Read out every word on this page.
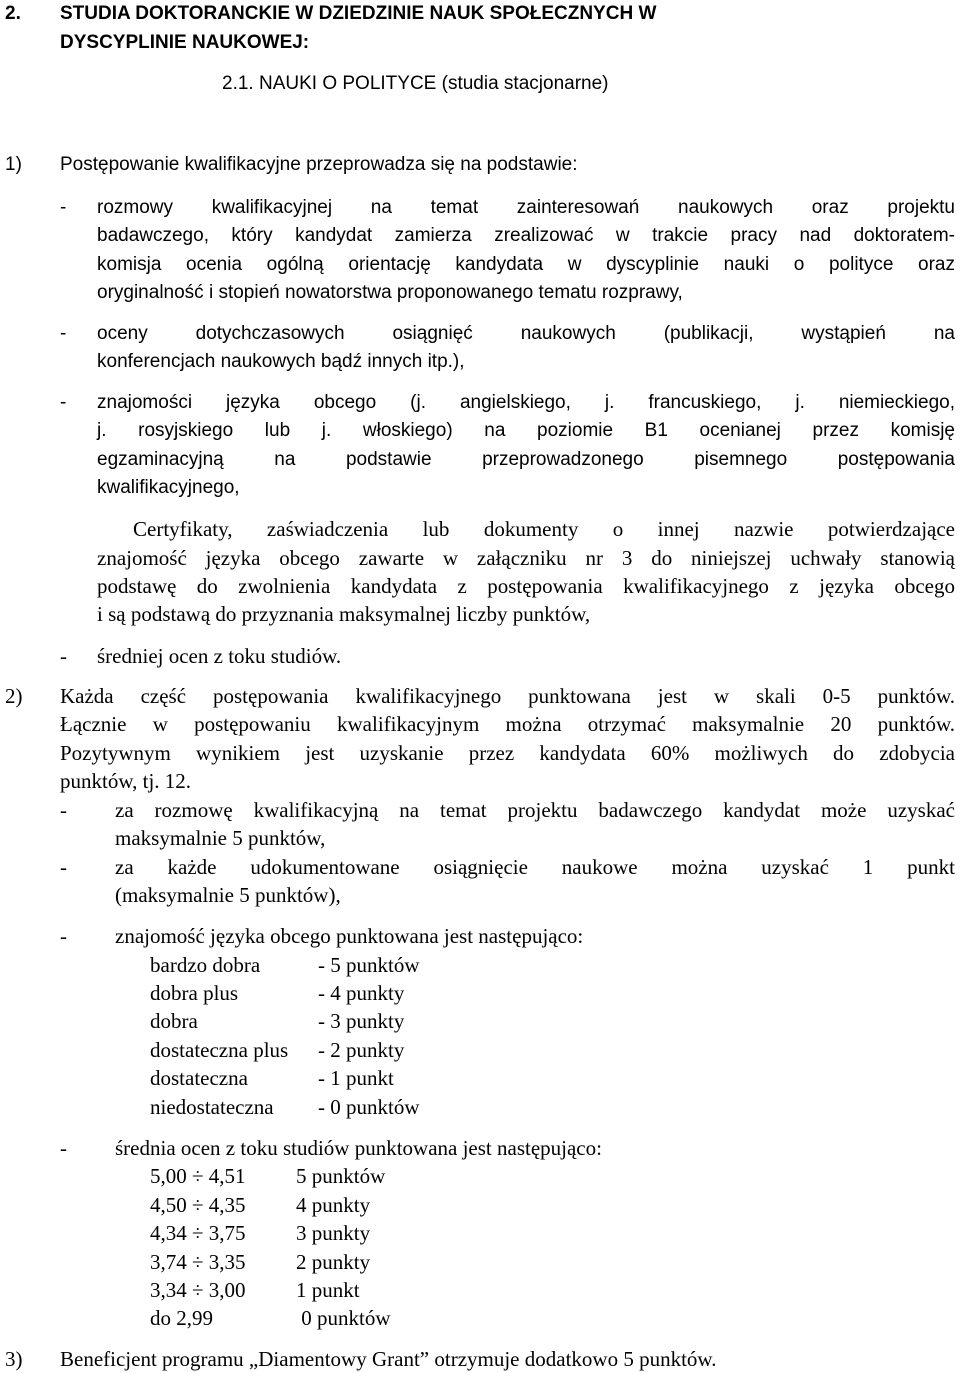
2. STUDIA DOKTORANCKIE W DZIEDZINIE NAUK SPOŁECZNYCH W
DYSCYPLINIE NAUKOWEJ:
2.1. NAUKI O POLITYCE (studia stacjonarne)
1) Postępowanie kwalifikacyjne przeprowadza się na podstawie:
- rozmowy kwalifikacyjnej na temat zainteresowań naukowych oraz projektu
badawczego, który kandydat zamierza zrealizować w trakcie pracy nad doktoratem-
komisja ocenia ogólną orientację kandydata w dyscyplinie nauki o polityce oraz
oryginalność i stopień nowatorstwa proponowanego tematu rozprawy,
- oceny dotychczasowych osiągnięć naukowych (publikacji, wystąpień na
konferencjach naukowych bądź innych itp.),
- znajomości języka obcego (j. angielskiego, j. francuskiego, j. niemieckiego,
j. rosyjskiego lub j. włoskiego) na poziomie B1 ocenianej przez komisję
egzaminacyjną na podstawie przeprowadzonego pisemnego postępowania
kwalifikacyjnego,
Certyfikaty, zaświadczenia lub dokumenty o innej nazwie potwierdzające
znajomość języka obcego zawarte w załączniku nr 3 do niniejszej uchwały stanowią
podstawę do zwolnienia kandydata z postępowania kwalifikacyjnego z języka obcego
i są podstawą do przyznania maksymalnej liczby punktów,
- średniej ocen z toku studiów.
2) Każda część postępowania kwalifikacyjnego punktowana jest w skali 0-5 punktów.
Łącznie w postępowaniu kwalifikacyjnym można otrzymać maksymalnie 20 punktów.
Pozytywnym wynikiem jest uzyskanie przez kandydata 60% możliwych do zdobycia
punktów, tj. 12.
- za rozmowę kwalifikacyjną na temat projektu badawczego kandydat może uzyskać
maksymalnie 5 punktów,
- za każde udokumentowane osiągnięcie naukowe można uzyskać 1 punkt
(maksymalnie 5 punktów),
- znajomość języka obcego punktowana jest następująco:
bardzo dobra	- 5 punktów
dobra plus	- 4 punkty
dobra	- 3 punkty
dostateczna plus - 2 punkty
dostateczna	- 1 punkt
niedostateczna - 0 punktów
- średnia ocen z toku studiów punktowana jest następująco:
5,00 ÷ 4,51 5 punktów
4,50 ÷ 4,35 4 punkty
4,34 ÷ 3,75 3 punkty
3,74 ÷ 3,35 2 punkty
3,34 ÷ 3,00 1 punkt
do 2,99	0 punktów
3) Beneficjent programu „Diamentowy Grant” otrzymuje dodatkowo 5 punktów.
